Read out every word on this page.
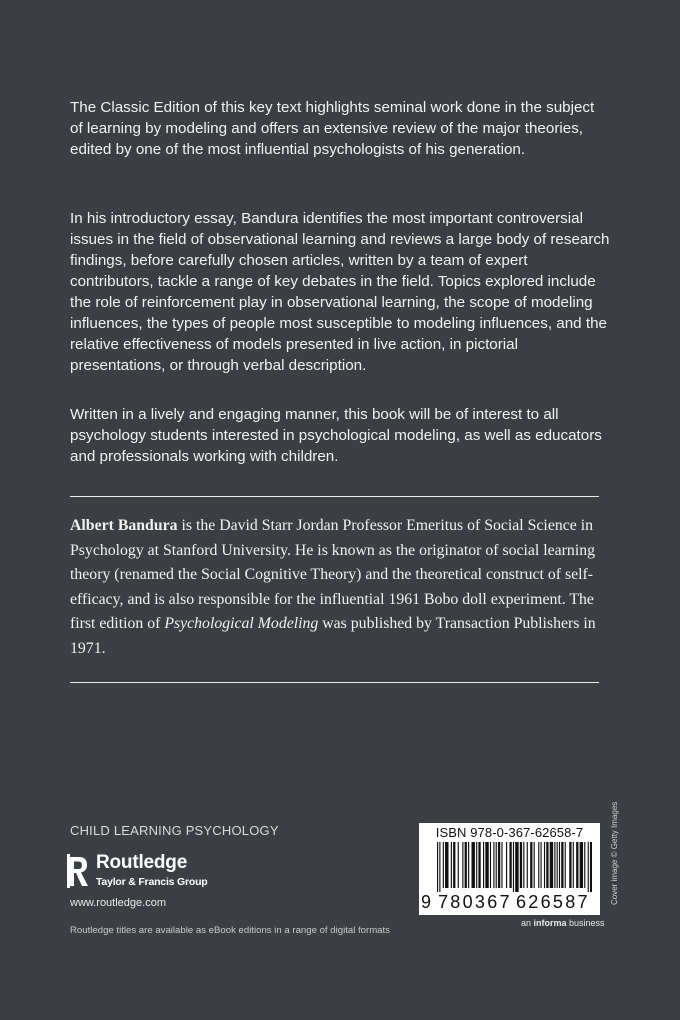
The Classic Edition of this key text highlights seminal work done in the subject of learning by modeling and offers an extensive review of the major theories, edited by one of the most influential psychologists of his generation.

In his introductory essay, Bandura identifies the most important controversial issues in the field of observational learning and reviews a large body of research findings, before carefully chosen articles, written by a team of expert contributors, tackle a range of key debates in the field. Topics explored include the role of reinforcement play in observational learning, the scope of modeling influences, the types of people most susceptible to modeling influences, and the relative effectiveness of models presented in live action, in pictorial presentations, or through verbal description.

Written in a lively and engaging manner, this book will be of interest to all psychology students interested in psychological modeling, as well as educators and professionals working with children.

Albert Bandura is the David Starr Jordan Professor Emeritus of Social Science in Psychology at Stanford University. He is known as the originator of social learning theory (renamed the Social Cognitive Theory) and the theoretical construct of self-efficacy, and is also responsible for the influential 1961 Bobo doll experiment. The first edition of Psychological Modeling was published by Transaction Publishers in 1971.

CHILD LEARNING PSYCHOLOGY
Routledge
Taylor & Francis Group
www.routledge.com
Routledge titles are available as eBook editions in a range of digital formats
ISBN 978-0-367-62658-7
9 780367 626587
an informa business
Cover image © Getty Images
